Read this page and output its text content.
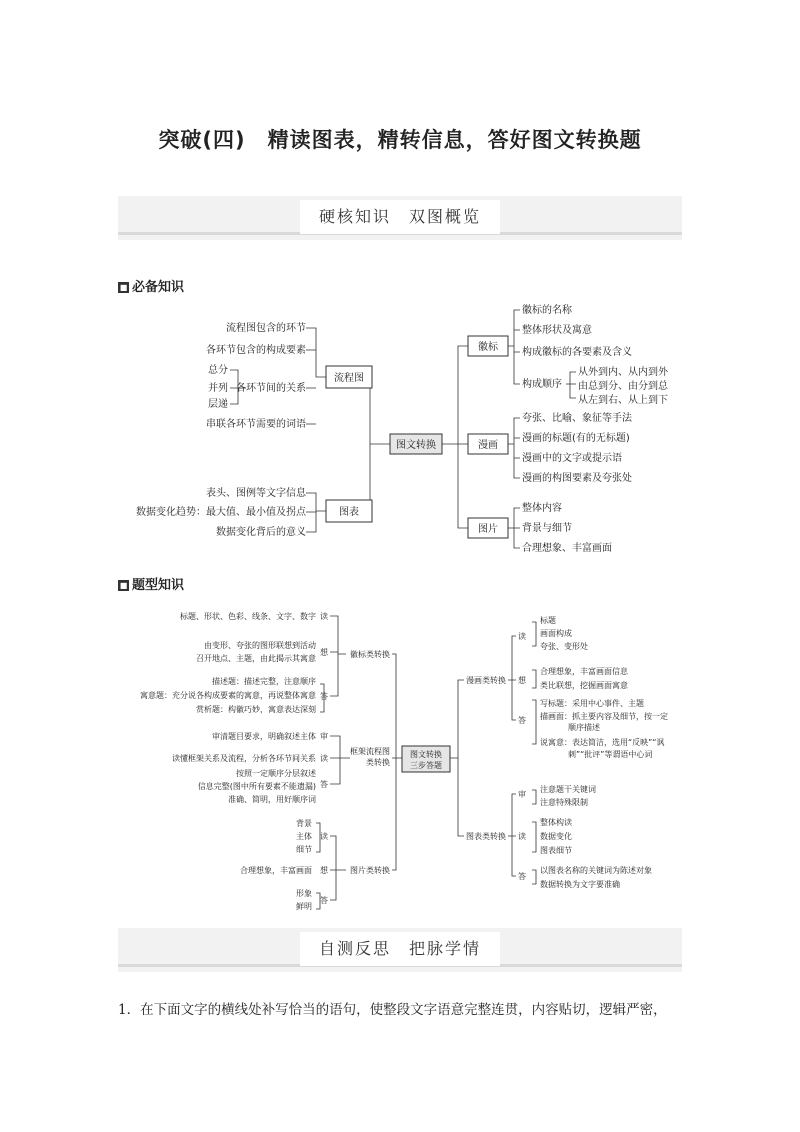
突破(四)　精读图表，精转信息，答好图文转换题
硬核知识　双图概览
■ 必备知识
图文转换
流程图
图表
流程图包含的环节
各环节包含的构成要素
各环节间的关系
串联各环节需要的词语
总分
并列
层递
表头、图例等文字信息
数据变化趋势：最大值、最小值及拐点
数据变化背后的意义
徽标
漫画
图片
徽标的名称
整体形状及寓意
构成徽标的各要素及含义
构成顺序
从外到内、从内到外
由总到分、由分到总
从左到右、从上到下
夸张、比喻、象征等手法
漫画的标题(有的无标题)
漫画中的文字或提示语
漫画的构图要素及夸张处
整体内容
背景与细节
合理想象、丰富画面
■ 题型知识
图文转换
三步答题
徽标类转换
框架流程图
类转换
图片类转换
读
想
答
标题、形状、色彩、线条、文字、数字
由变形、夸张的图形联想到活动
召开地点、主题，由此揭示其寓意
描述题：描述完整，注意顺序
寓意题：充分说各构成要素的寓意，再说整体寓意
赏析题：构徽巧妙，寓意表达深刻
审
读
答
审清题目要求，明确叙述主体
读懂框架关系及流程，分析各环节间关系
按照一定顺序分层叙述
信息完整(图中所有要素不能遗漏)
准确、简明，用好顺序词
读
想
答
背景
主体
细节
合理想象，丰富画面
形象
鲜明
漫画类转换
图表类转换
读
想
答
标题
画面构成
夸张、变形处
合理想象，丰富画面信息
类比联想，挖掘画面寓意
写标题：采用中心事件、主题
描画面：抓主要内容及细节，按一定
顺序描述
说寓意：表达简洁，选用“反映”“讽
刺”“批评”等谓语中心词
审
读
答
注意题干关键词
注意特殊限制
整体构读
数据变化
图表细节
以图表名称的关键词为陈述对象
数据转换为文字要准确
自测反思　把脉学情
1．在下面文字的横线处补写恰当的语句，使整段文字语意完整连贯，内容贴切，逻辑严密，
